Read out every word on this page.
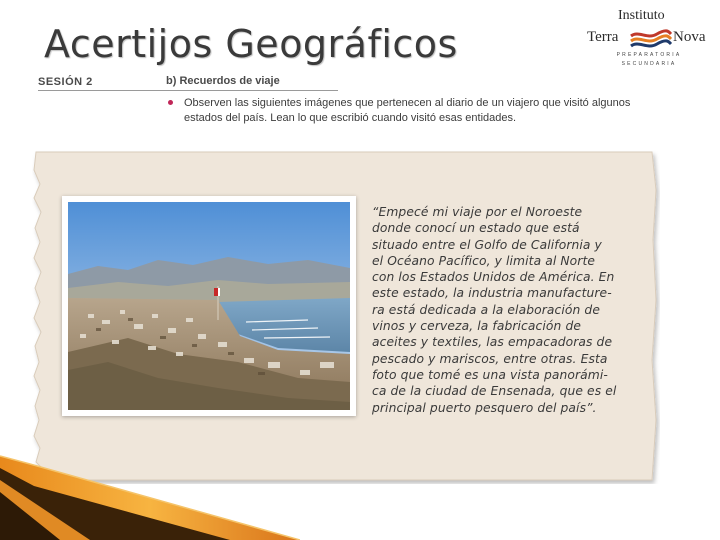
Acertijos Geográficos
Instituto
Terra	Nova
PREPARATORIA
SECUNDARIA
SESIÓN 2	b) Recuerdos de viaje
Observen las siguientes imágenes que pertenecen al diario de un viajero que visitó algunos estados del país. Lean lo que escribió cuando visitó esas entidades.
“Empecé mi viaje por el Noroeste
donde conocí un estado que está
situado entre el Golfo de California y
el Océano Pacífico, y limita al Norte
con los Estados Unidos de América. En
este estado, la industria manufacture-
ra está dedicada a la elaboración de
vinos y cerveza, la fabricación de
aceites y textiles, las empacadoras de
pescado y mariscos, entre otras. Esta
foto que tomé es una vista panorámi-
ca de la ciudad de Ensenada, que es el
principal puerto pesquero del país”.
